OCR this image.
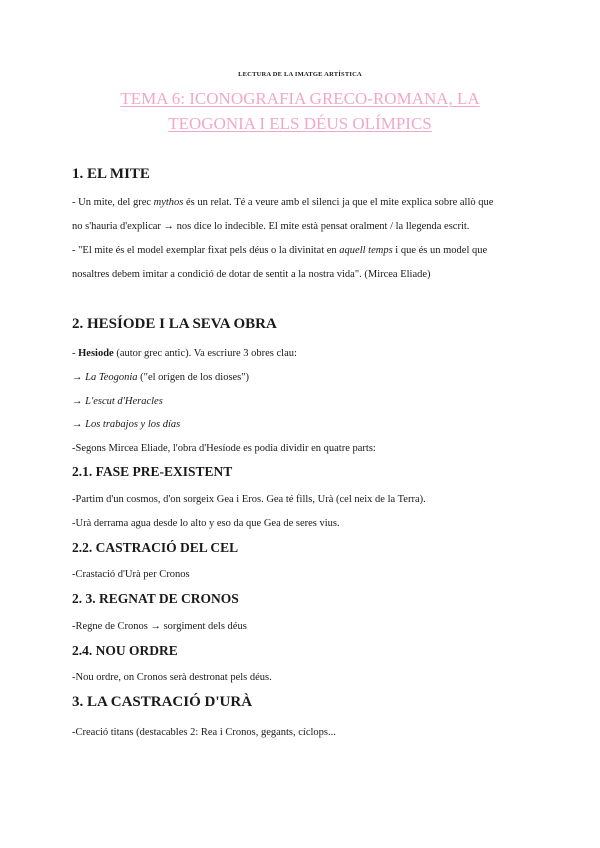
LECTURA DE LA IMATGE ARTÍSTICA
TEMA 6: ICONOGRAFIA GRECO-ROMANA, LA
TEOGONIA I ELS DÉUS OLÍMPICS
1. EL MITE
- Un mite, del grec mythos és un relat. Té a veure amb el silenci ja que el mite explica sobre allò que
no s'hauria d'explicar → nos dice lo indecible. El mite està pensat oralment / la llegenda escrit.
- "El mite és el model exemplar fixat pels déus o la divinitat en aquell temps i que és un model que
nosaltres debem imitar a condició de dotar de sentit a la nostra vida". (Mircea Eliade)
2. HESÍODE I LA SEVA OBRA
- Hesiode (autor grec antic). Va escriure 3 obres clau:
→ La Teogonia ("el orígen de los dioses")
→ L'escut d'Heracles
→ Los trabajos y los días
-Segons Mircea Eliade, l'obra d'Hesíode es podia dividir en quatre parts:
2.1. FASE PRE-EXISTENT
-Partim d'un cosmos, d'on sorgeix Gea i Eros. Gea té fills, Urà (cel neix de la Terra).
-Urà derrama agua desde lo alto y eso da que Gea de seres vius.
2.2. CASTRACIÓ DEL CEL
-Crastació d'Urà per Cronos
2. 3. REGNAT DE CRONOS
-Regne de Cronos → sorgiment dels déus
2.4. NOU ORDRE
-Nou ordre, on Cronos serà destronat pels déus.
3. LA CASTRACIÓ D'URÀ
-Creació titans (destacables 2: Rea i Cronos, gegants, cíclops...
